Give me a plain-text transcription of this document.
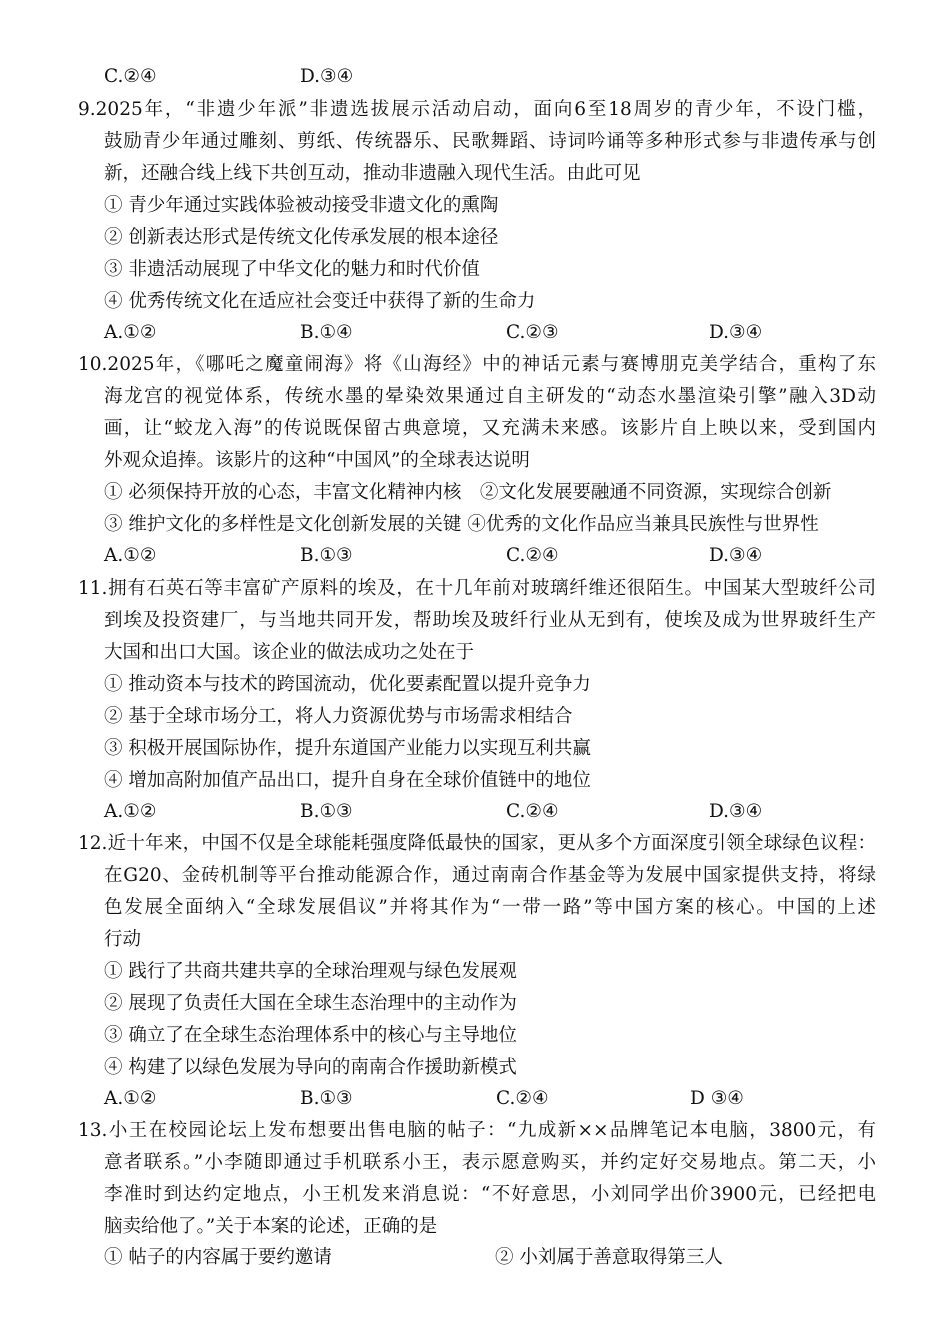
C.②④	D.③④
9.2025年，“非遗少年派”非遗选拔展示活动启动，面向6至18周岁的青少年，不设门槛，
鼓励青少年通过雕刻、剪纸、传统器乐、民歌舞蹈、诗词吟诵等多种形式参与非遗传承与创
新，还融合线上线下共创互动，推动非遗融入现代生活。由此可见
① 青少年通过实践体验被动接受非遗文化的熏陶
② 创新表达形式是传统文化传承发展的根本途径
③ 非遗活动展现了中华文化的魅力和时代价值
④ 优秀传统文化在适应社会变迁中获得了新的生命力
A.①②	B.①④	C.②③	D.③④
10.2025年，《哪吒之魔童闹海》将《山海经》中的神话元素与赛博朋克美学结合，重构了东
海龙宫的视觉体系，传统水墨的晕染效果通过自主研发的“动态水墨渲染引擎”融入3D动
画，让“蛟龙入海”的传说既保留古典意境，又充满未来感。该影片自上映以来，受到国内
外观众追捧。该影片的这种“中国风”的全球表达说明
① 必须保持开放的心态，丰富文化精神内核　②文化发展要融通不同资源，实现综合创新
③ 维护文化的多样性是文化创新发展的关键 ④优秀的文化作品应当兼具民族性与世界性
A.①②	B.①③	C.②④	D.③④
11.拥有石英石等丰富矿产原料的埃及，在十几年前对玻璃纤维还很陌生。中国某大型玻纤公司
到埃及投资建厂，与当地共同开发，帮助埃及玻纤行业从无到有，使埃及成为世界玻纤生产
大国和出口大国。该企业的做法成功之处在于
① 推动资本与技术的跨国流动，优化要素配置以提升竞争力
② 基于全球市场分工，将人力资源优势与市场需求相结合
③ 积极开展国际协作，提升东道国产业能力以实现互利共赢
④ 增加高附加值产品出口，提升自身在全球价值链中的地位
A.①②	B.①③	C.②④	D.③④
12.近十年来，中国不仅是全球能耗强度降低最快的国家，更从多个方面深度引领全球绿色议程：
在G20、金砖机制等平台推动能源合作，通过南南合作基金等为发展中国家提供支持，将绿
色发展全面纳入“全球发展倡议”并将其作为“一带一路”等中国方案的核心。中国的上述
行动
① 践行了共商共建共享的全球治理观与绿色发展观
② 展现了负责任大国在全球生态治理中的主动作为
③ 确立了在全球生态治理体系中的核心与主导地位
④ 构建了以绿色发展为导向的南南合作援助新模式
A.①②	B.①③	C.②④	D ③④
13.小王在校园论坛上发布想要出售电脑的帖子：“九成新××品牌笔记本电脑，3800元，有
意者联系。”小李随即通过手机联系小王，表示愿意购买，并约定好交易地点。第二天，小
李准时到达约定地点，小王机发来消息说：“不好意思，小刘同学出价3900元，已经把电
脑卖给他了。”关于本案的论述，正确的是
① 帖子的内容属于要约邀请	② 小刘属于善意取得第三人
